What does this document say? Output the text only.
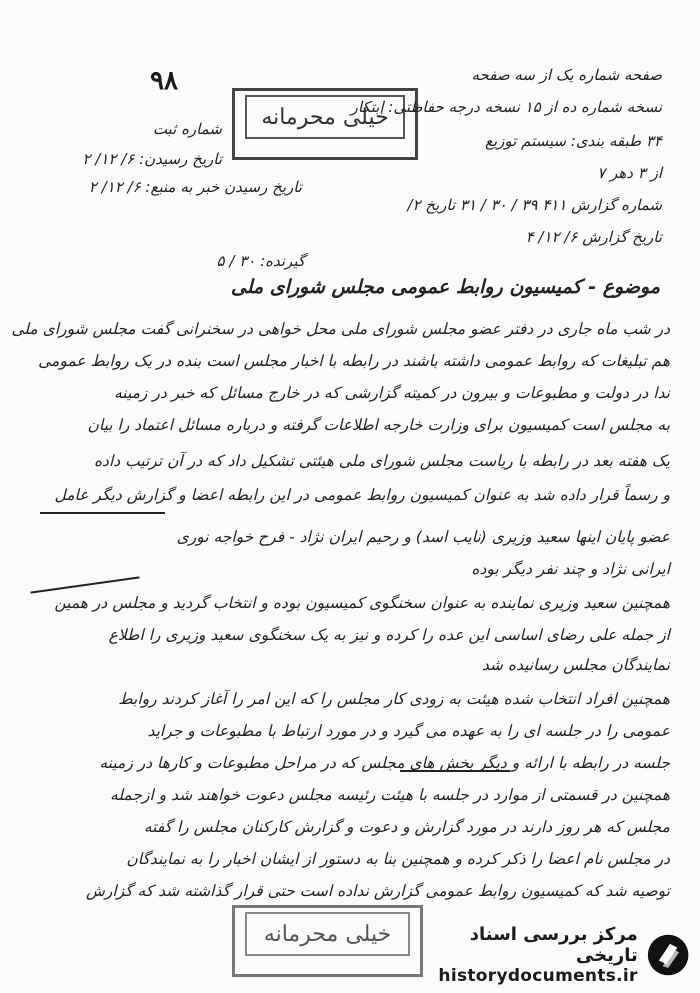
۹۸
خیلی محرمانه
صفحه شماره یک از سه صفحه
نسخه شماره ده از ۱۵ نسخه درجه حفاظتی: ابتکار
۳۴ طبقه بندی: سیستم توزیع
از ۳ دهر ۷
شماره گزارش ۴۱۱ ۳۹ / ۳۰ / ۳۱ تاریخ ۲/
تاریخ گزارش ۶/ ۱۲/ ۴
گیرنده: ۳۰ / ۵
شماره ثبت
تاریخ رسیدن: ۶/ ۱۲/ ۲
تاریخ رسیدن خبر به منبع: ۶/ ۱۲/ ۲
موضوع - کمیسیون روابط عمومی مجلس شورای ملی
در شب ماه جاری در دفتر عضو مجلس شورای ملی محل خواهی در سخنرانی گفت مجلس شورای ملی
هم تبلیغات که روابط عمومی داشته باشند در رابطه با اخبار مجلس است بنده در یک روابط عمومی
ندا در دولت و مطبوعات و بیرون در کمیته گزارشی که در خارج مسائل که خبر در زمینه
به مجلس است کمیسیون برای وزارت خارجه اطلاعات گرفته و درباره مسائل اعتماد را بیان
یک هفته بعد در رابطه با ریاست مجلس شورای ملی هیئتی تشکیل داد که در آن ترتیب داده
و رسماً قرار داده شد به عنوان کمیسیون روابط عمومی در این رابطه اعضا و گزارش دیگر عامل
عضو پایان اینها سعید وزیری (نایب اسد) و رحیم ایران نژاد - فرح خواجه نوری
ایرانی نژاد و چند نفر دیگر بوده
همچنین سعید وزیری نماینده به عنوان سخنگوی کمیسیون بوده و انتخاب گردید و مجلس در همین
از جمله علی رضای اساسی این عده را کرده و نیز به یک سخنگوی سعید وزیری را اطلاع
نمایندگان مجلس رسانیده شد
همچنین افراد انتخاب شده هیئت به زودی کار مجلس را که این امر را آغاز کردند روابط
عمومی را در جلسه ای را به عهده می گیرد و در مورد ارتباط با مطبوعات و جراید
جلسه در رابطه با ارائه و دیگر بخش های مجلس که در مراحل مطبوعات و کارها در زمینه
همچنین در قسمتی از موارد در جلسه با هیئت رئیسه مجلس دعوت خواهند شد و ازجمله
مجلس که هر روز دارند در مورد گزارش و دعوت و گزارش کارکنان مجلس را گفته
در مجلس نام اعضا را ذکر کرده و همچنین بنا به دستور از ایشان اخبار را به نمایندگان
توصیه شد که کمیسیون روابط عمومی گزارش نداده است حتی قرار گذاشته شد که گزارش
خیلی محرمانه	مرکز بررسی اسناد تاریخی
historydocuments.ir
